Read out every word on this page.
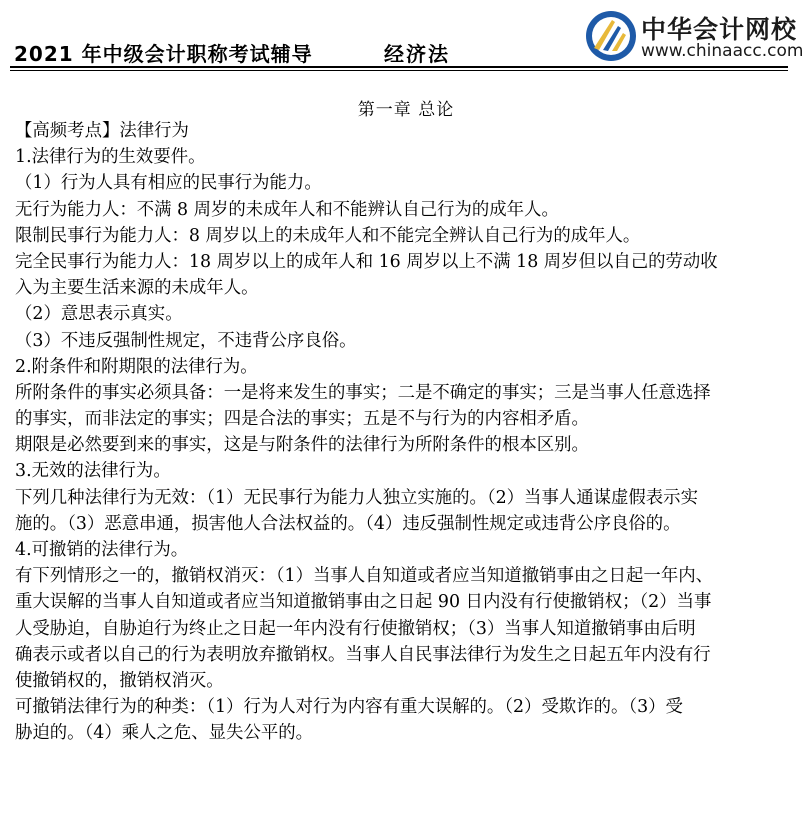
2021 年中级会计职称考试辅导	经济法
中华会计网校
www.chinaacc.com
第一章 总论
【高频考点】法律行为
1.法律行为的生效要件。
（1）行为人具有相应的民事行为能力。
无行为能力人：不满 8 周岁的未成年人和不能辨认自己行为的成年人。
限制民事行为能力人：8 周岁以上的未成年人和不能完全辨认自己行为的成年人。
完全民事行为能力人：18 周岁以上的成年人和 16 周岁以上不满 18 周岁但以自己的劳动收
入为主要生活来源的未成年人。
（2）意思表示真实。
（3）不违反强制性规定，不违背公序良俗。
2.附条件和附期限的法律行为。
所附条件的事实必须具备：一是将来发生的事实；二是不确定的事实；三是当事人任意选择
的事实，而非法定的事实；四是合法的事实；五是不与行为的内容相矛盾。
期限是必然要到来的事实，这是与附条件的法律行为所附条件的根本区别。
3.无效的法律行为。
下列几种法律行为无效：（1）无民事行为能力人独立实施的。（2）当事人通谋虚假表示实
施的。（3）恶意串通，损害他人合法权益的。（4）违反强制性规定或违背公序良俗的。
4.可撤销的法律行为。
有下列情形之一的，撤销权消灭：（1）当事人自知道或者应当知道撤销事由之日起一年内、
重大误解的当事人自知道或者应当知道撤销事由之日起 90 日内没有行使撤销权；（2）当事
人受胁迫，自胁迫行为终止之日起一年内没有行使撤销权；（3）当事人知道撤销事由后明
确表示或者以自己的行为表明放弃撤销权。当事人自民事法律行为发生之日起五年内没有行
使撤销权的，撤销权消灭。
可撤销法律行为的种类：（1）行为人对行为内容有重大误解的。（2）受欺诈的。（3）受
胁迫的。（4）乘人之危、显失公平的。
